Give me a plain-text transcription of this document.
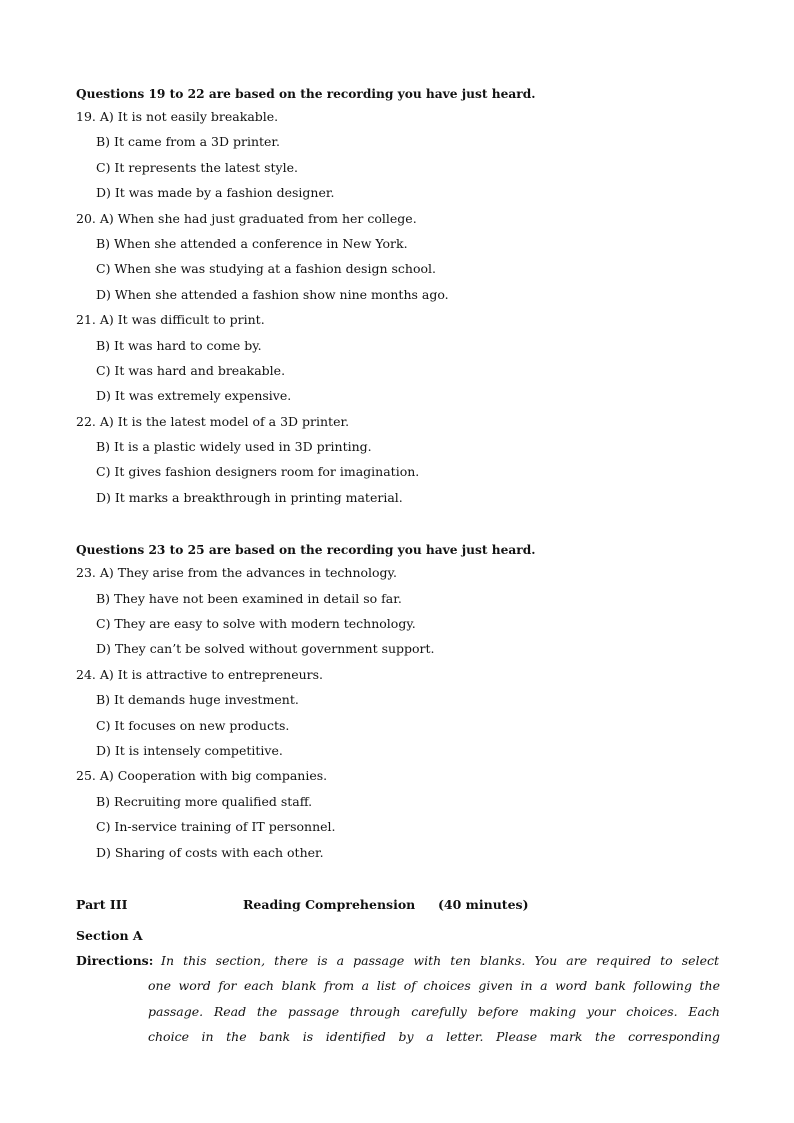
Questions 19 to 22 are based on the recording you have just heard.
19. A) It is not easily breakable.
B) It came from a 3D printer.
C) It represents the latest style.
D) It was made by a fashion designer.
20. A) When she had just graduated from her college.
B) When she attended a conference in New York.
C) When she was studying at a fashion design school.
D) When she attended a fashion show nine months ago.
21. A) It was difficult to print.
B) It was hard to come by.
C) It was hard and breakable.
D) It was extremely expensive.
22. A) It is the latest model of a 3D printer.
B) It is a plastic widely used in 3D printing.
C) It gives fashion designers room for imagination.
D) It marks a breakthrough in printing material.
Questions 23 to 25 are based on the recording you have just heard.
23. A) They arise from the advances in technology.
B) They have not been examined in detail so far.
C) They are easy to solve with modern technology.
D) They can’t be solved without government support.
24. A) It is attractive to entrepreneurs.
B) It demands huge investment.
C) It focuses on new products.
D) It is intensely competitive.
25. A) Cooperation with big companies.
B) Recruiting more qualified staff.
C) In-service training of IT personnel.
D) Sharing of costs with each other.
Part III	Reading Comprehension (40 minutes)
Section A
Directions: In this section, there is a passage with ten blanks. You are required to select
one word for each blank from a list of choices given in a word bank following the
passage. Read the passage through carefully before making your choices. Each
choice in the bank is identified by a letter. Please mark the corresponding
